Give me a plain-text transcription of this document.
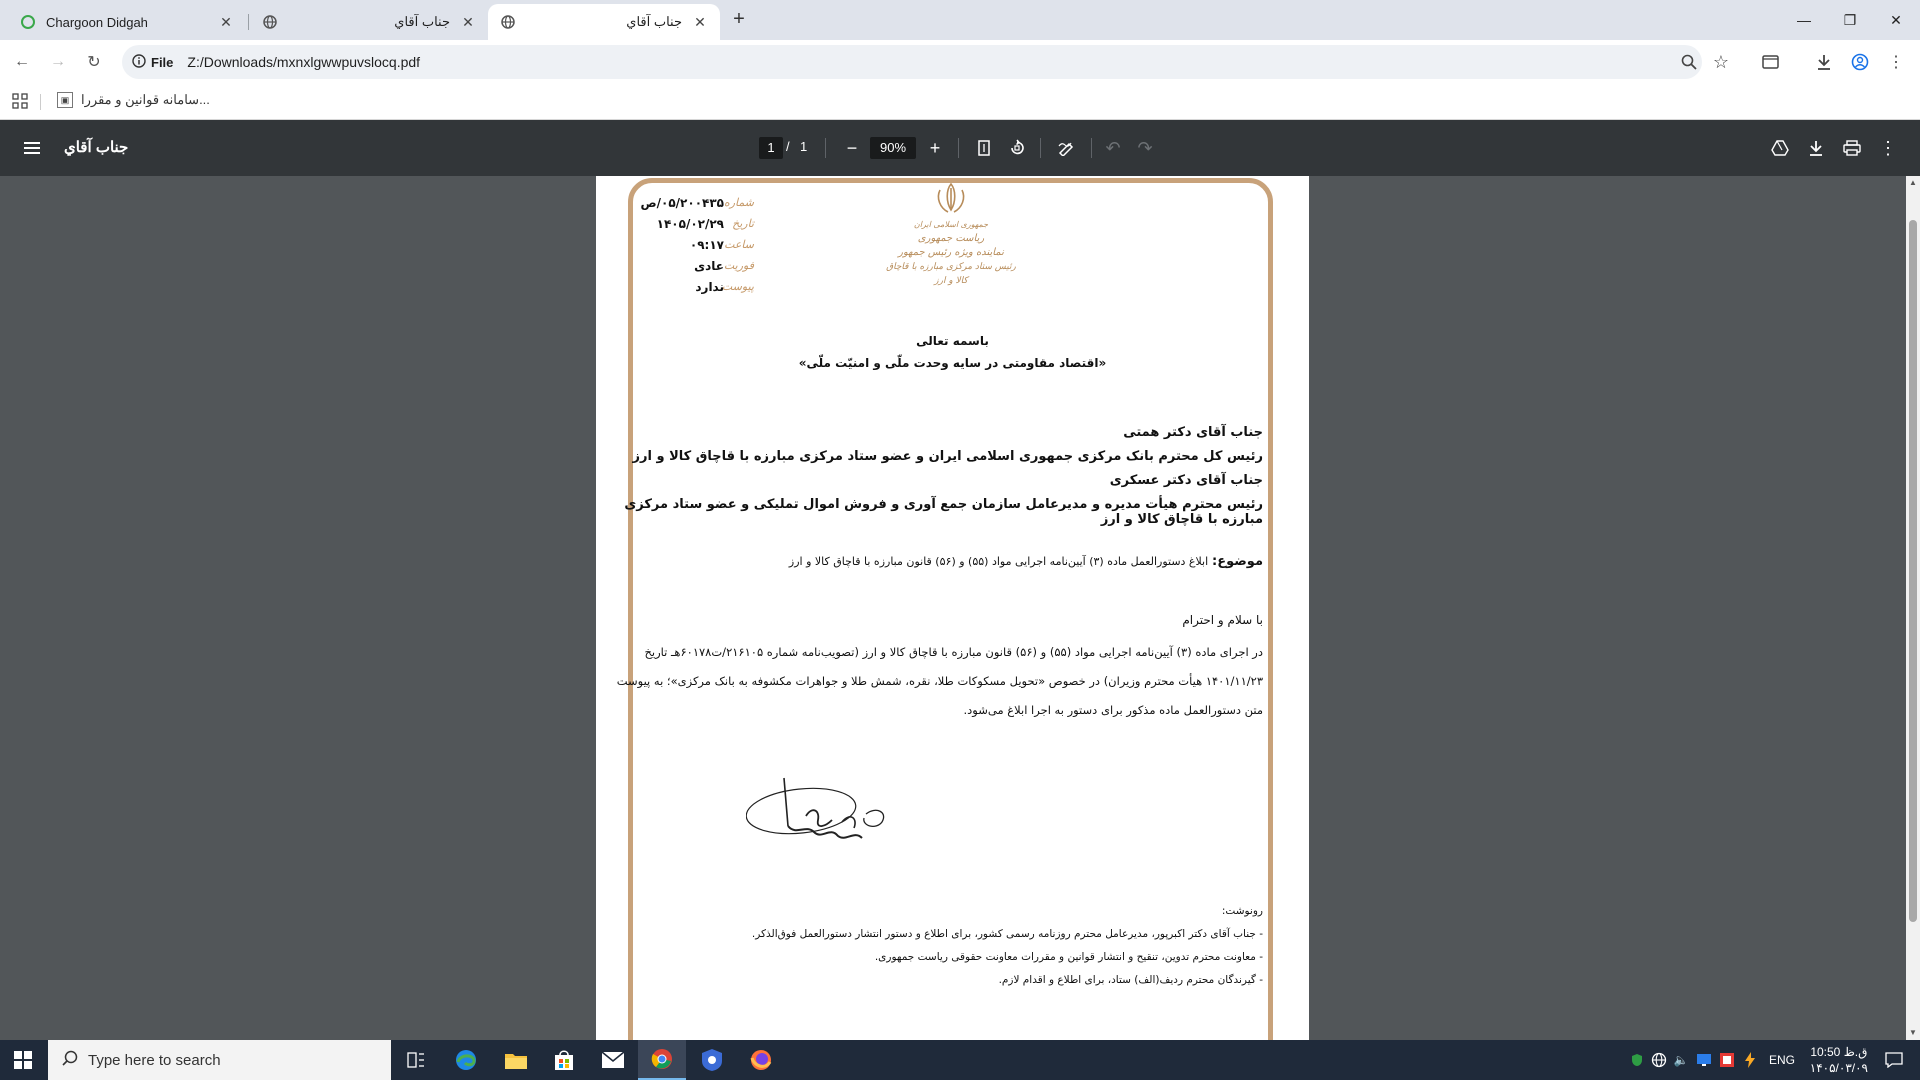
Chargoon Didgah	✕	جناب آقاي ✕	جناب آقاي ✕	+	—	❐	✕
← →	↻	File Z:/Downloads/mxnxlgwwpuvslocq.pdf	☆	⋮
▣ سامانه قوانین و مقررا...
جناب آقاي	1 / 1	−	90%	+	↶ ↷	⋮
شماره
۰۵/۲۰۰۴۳۵/ص
تاریخ
۱۴۰۵/۰۲/۲۹
ساعت
۰۹:۱۷
فوریت
عادی
پیوست
ندارد
جمهوری اسلامی ایران
ریاست جمهوری
نماینده ویژه رئیس جمهور
رئیس ستاد مرکزی مبارزه با قاچاق کالا و ارز
باسمه تعالی
«اقتصاد مقاومتی در سایه وحدت ملّی و امنیّت ملّی»
جناب آقای دکتر همتی
رئیس کل محترم بانک مرکزی جمهوری اسلامی ایران و عضو ستاد مرکزی مبارزه با قاچاق کالا و ارز
جناب آقای دکتر عسکری
رئیس محترم هیأت مدیره و مدیرعامل سازمان جمع آوری و فروش اموال تملیکی و عضو ستاد مرکزی مبارزه با قاچاق کالا و ارز
موضوع: ابلاغ دستورالعمل ماده (۳) آیین‌نامه اجرایی مواد (۵۵) و (۵۶) قانون مبارزه با قاچاق کالا و ارز
با سلام و احترام
در اجرای ماده (۳) آیین‌نامه اجرایی مواد (۵۵) و (۵۶) قانون مبارزه با قاچاق کالا و ارز (تصویب‌نامه شماره ۲۱۶۱۰۵/ت۶۰۱۷۸هـ تاریخ
۱۴۰۱/۱۱/۲۳ هیأت محترم وزیران) در خصوص «تحویل مسکوکات طلا، نقره، شمش طلا و جواهرات مکشوفه به بانک مرکزی»؛ به پیوست
متن دستورالعمل ماده مذکور برای دستور به اجرا ابلاغ می‌شود.
رونوشت:
- جناب آقای دکتر اکبرپور، مدیرعامل محترم روزنامه رسمی کشور، برای اطلاع و دستور انتشار دستورالعمل فوق‌الذکر.
- معاونت محترم تدوین، تنقیح و انتشار قوانین و مقررات معاونت حقوقی ریاست جمهوری.
- گیرندگان محترم ردیف(الف) ستاد، برای اطلاع و اقدام لازم.
▲
▼
Type here to search	🔈	ENG
10:50 ق.ظ
۱۴۰۵/۰۳/۰۹
